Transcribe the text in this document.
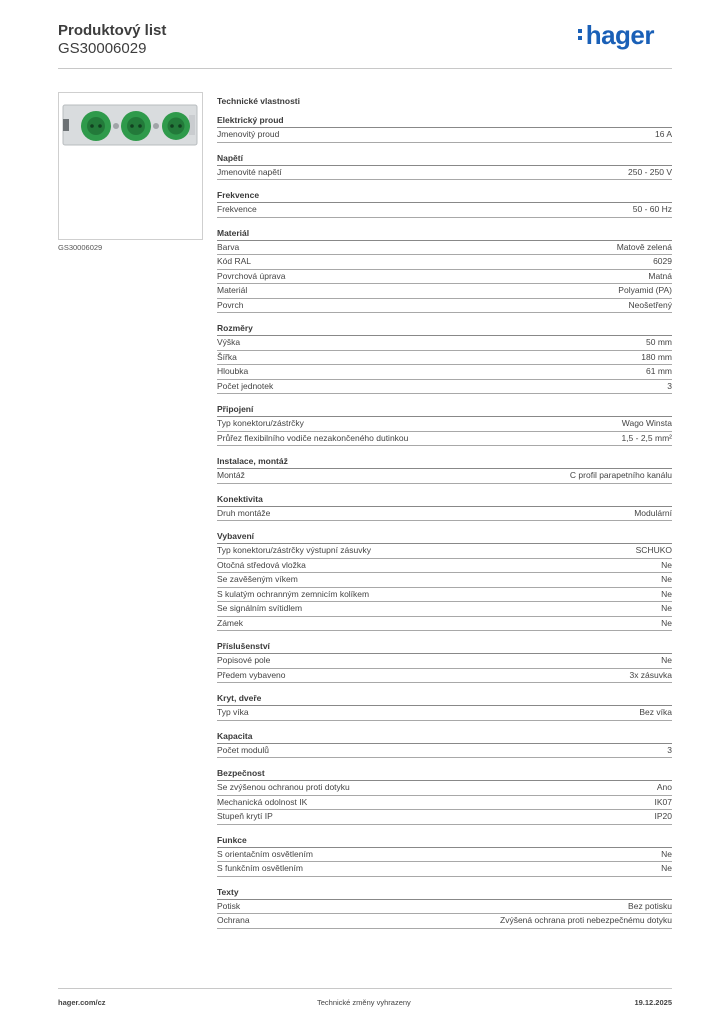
Produktový list
GS30006029	hager
GS30006029
Technické vlastnosti
Elektrický proud
Jmenovitý proud	16 A
Napětí
Jmenovité napětí	250 - 250 V
Frekvence
Frekvence	50 - 60 Hz
Materiál
Barva	Matově zelená
Kód RAL	6029
Povrchová úprava	Matná
Materiál	Polyamid (PA)
Povrch	Neošetřený
Rozměry
Výška	50 mm
Šířka	180 mm
Hloubka	61 mm
Počet jednotek	3
Připojení
Typ konektoru/zástrčky	Wago Winsta
Průřez flexibilního vodiče nezakončeného dutinkou	1,5 - 2,5 mm²
Instalace, montáž
Montáž	C profil parapetního kanálu
Konektivita
Druh montáže	Modulární
Vybavení
Typ konektoru/zástrčky výstupní zásuvky	SCHUKO
Otočná středová vložka	Ne
Se zavěšeným víkem	Ne
S kulatým ochranným zemnicím kolíkem	Ne
Se signálním svítidlem	Ne
Zámek	Ne
Příslušenství
Popisové pole	Ne
Předem vybaveno	3x zásuvka
Kryt, dveře
Typ víka	Bez víka
Kapacita
Počet modulů	3
Bezpečnost
Se zvýšenou ochranou proti dotyku	Ano
Mechanická odolnost IK	IK07
Stupeň krytí IP	IP20
Funkce
S orientačním osvětlením	Ne
S funkčním osvětlením	Ne
Texty
Potisk	Bez potisku
Ochrana	Zvýšená ochrana proti nebezpečnému dotyku
hager.com/cz	Technické změny vyhrazeny	19.12.2025
